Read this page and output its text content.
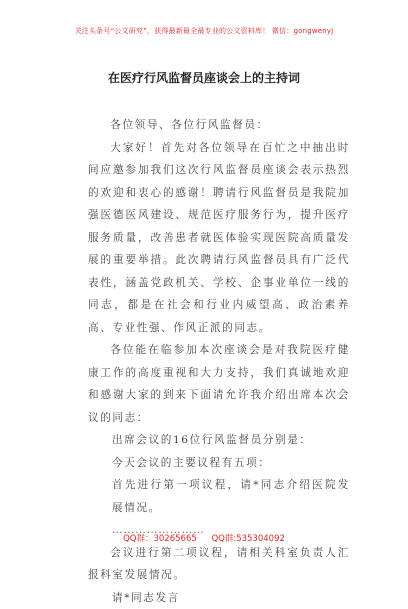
关注头条号“公文研究”，获得最新最全最专业的公文资料库！ 微信：gongwenyj
在医疗行风监督员座谈会上的主持词

各位领导、各位行风监督员：

大家好！首先对各位领导在百忙之中抽出时间应邀参加我们这次行风监督员座谈会表示热烈的欢迎和衷心的感谢！聘请行风监督员是我院加强医德医风建设、规范医疗服务行为，提升医疗服务质量，改善患者就医体验实现医院高质量发展的重要举措。此次聘请行风监督员具有广泛代表性，涵盖党政机关、学校、企事业单位一线的同志，都是在社会和行业内威望高、政治素养高、专业性强、作风正派的同志。

各位能在临参加本次座谈会是对我院医疗健康工作的高度重视和大力支持，我们真诚地欢迎和感谢大家的到来下面请允许我介绍出席本次会议的同志：

出席会议的16位行风监督员分别是：

今天会议的主要议程有五项：

首先进行第一项议程，请*同志介绍医院发展情况。

……………………

会议进行第二项议程，请相关科室负责人汇报科室发展情况。

请*同志发言

QQ群：30265665 QQ群:535304092
